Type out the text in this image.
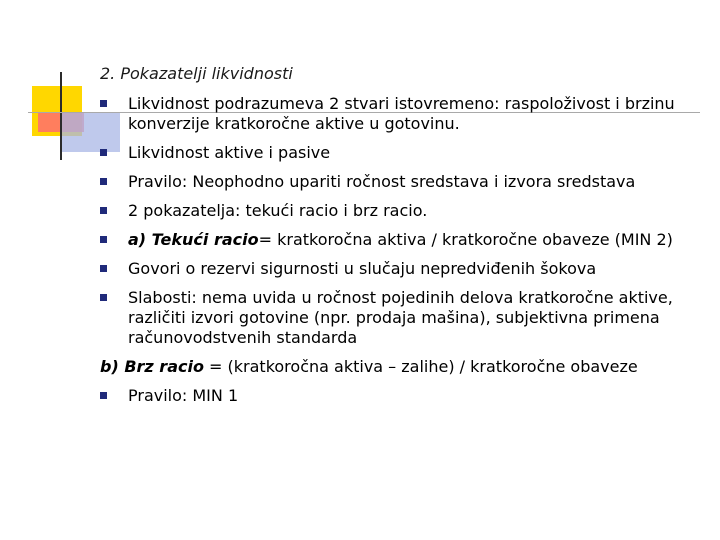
2. Pokazatelji likvidnosti
Likvidnost podrazumeva 2 stvari istovremeno: raspoloživost i brzinu konverzije kratkoročne aktive u gotovinu.
Likvidnost aktive i pasive
Pravilo: Neophodno upariti ročnost sredstava i izvora sredstava
2 pokazatelja: tekući racio i brz racio.
a) Tekući racio= kratkoročna aktiva / kratkoročne obaveze (MIN 2)
Govori o rezervi sigurnosti u slučaju nepredviđenih šokova
Slabosti: nema uvida u ročnost pojedinih delova kratkoročne aktive, različiti izvori gotovine (npr. prodaja mašina), subjektivna primena računovodstvenih standarda
b) Brz racio = (kratkoročna aktiva – zalihe) / kratkoročne obaveze
Pravilo: MIN 1
